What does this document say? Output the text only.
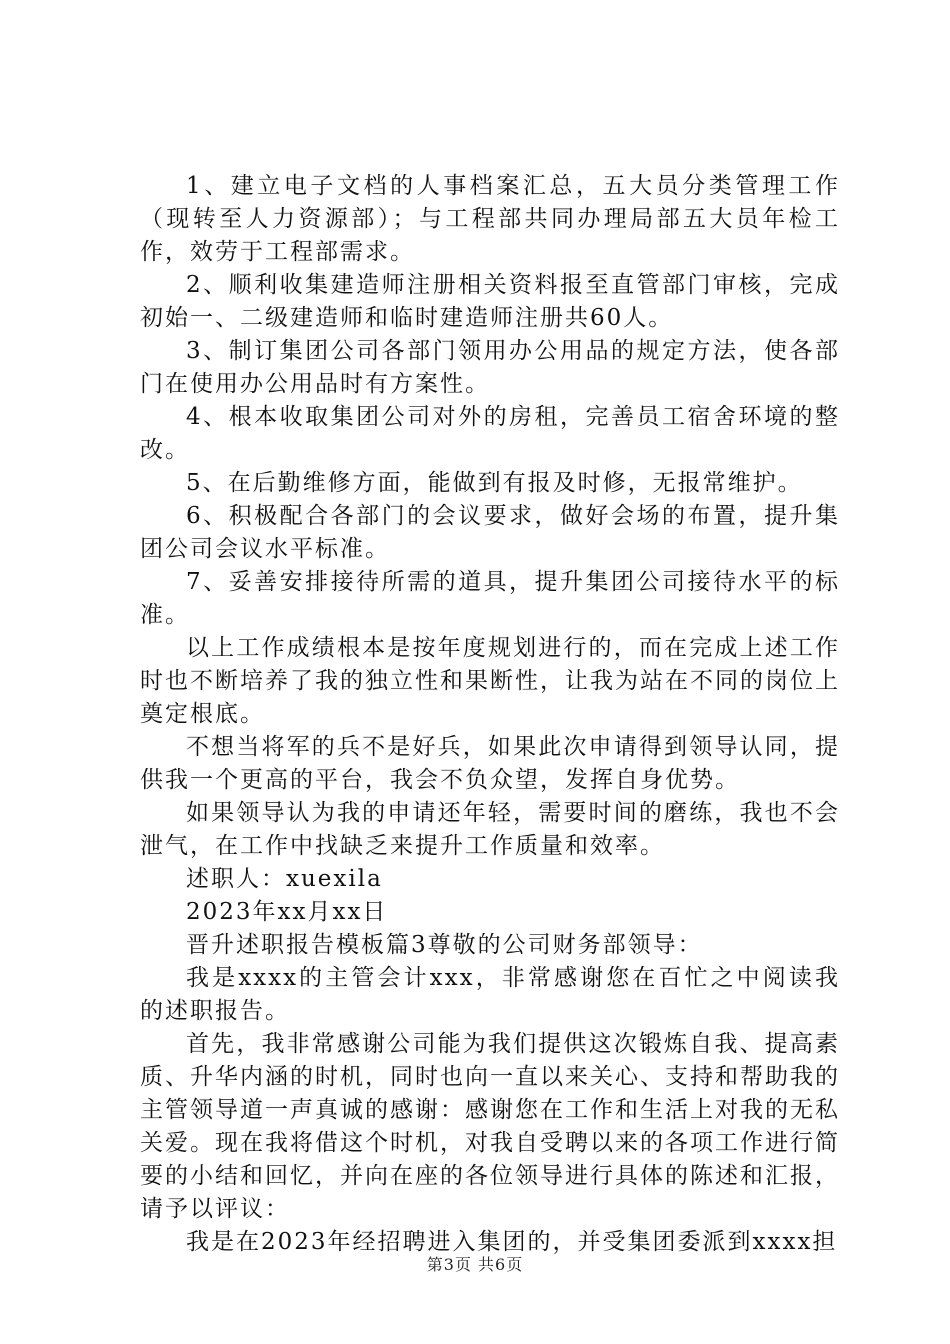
1、建立电子文档的人事档案汇总，五大员分类管理工作（现转至人力资源部）；与工程部共同办理局部五大员年检工作，效劳于工程部需求。

2、顺利收集建造师注册相关资料报至直管部门审核，完成初始一、二级建造师和临时建造师注册共60人。

3、制订集团公司各部门领用办公用品的规定方法，使各部门在使用办公用品时有方案性。

4、根本收取集团公司对外的房租，完善员工宿舍环境的整改。

5、在后勤维修方面，能做到有报及时修，无报常维护。

6、积极配合各部门的会议要求，做好会场的布置，提升集团公司会议水平标准。

7、妥善安排接待所需的道具，提升集团公司接待水平的标准。

以上工作成绩根本是按年度规划进行的，而在完成上述工作时也不断培养了我的独立性和果断性，让我为站在不同的岗位上奠定根底。

不想当将军的兵不是好兵，如果此次申请得到领导认同，提供我一个更高的平台，我会不负众望，发挥自身优势。

如果领导认为我的申请还年轻，需要时间的磨练，我也不会泄气，在工作中找缺乏来提升工作质量和效率。

述职人：xuexila

2023年xx月xx日

晋升述职报告模板篇3尊敬的公司财务部领导：

我是xxxx的主管会计xxx，非常感谢您在百忙之中阅读我的述职报告。

首先，我非常感谢公司能为我们提供这次锻炼自我、提高素质、升华内涵的时机，同时也向一直以来关心、支持和帮助我的主管领导道一声真诚的感谢：感谢您在工作和生活上对我的无私关爱。现在我将借这个时机，对我自受聘以来的各项工作进行简要的小结和回忆，并向在座的各位领导进行具体的陈述和汇报，请予以评议：

我是在2023年经招聘进入集团的，并受集团委派到xxxx担

第3页 共6页
